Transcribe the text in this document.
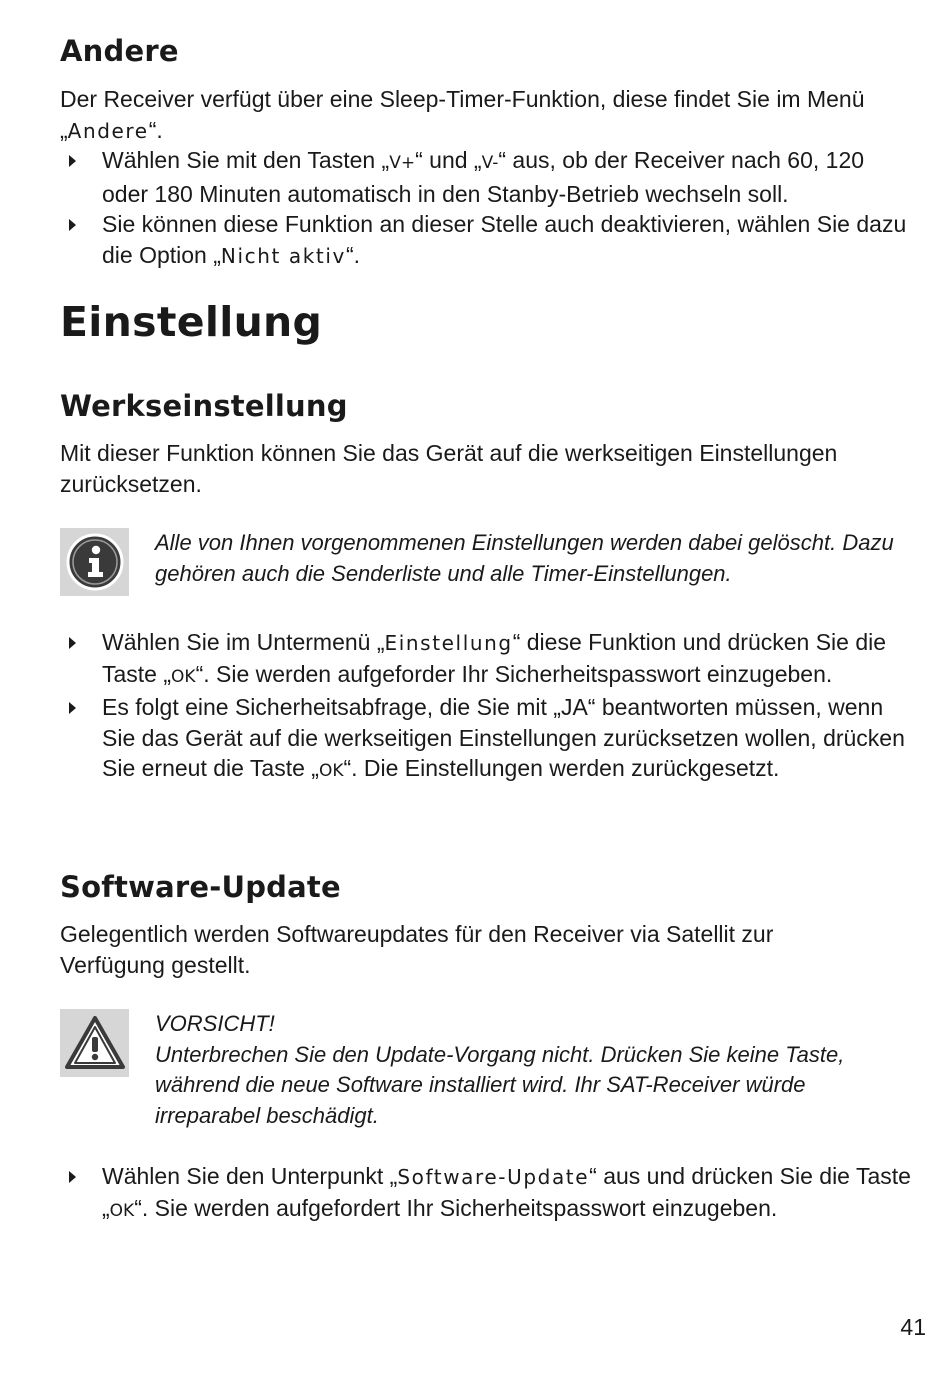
Andere

Der Receiver verfügt über eine Sleep-Timer-Funktion, diese findet Sie im Menü „Andere“.

Wählen Sie mit den Tasten „V+“ und „V-“ aus, ob der Receiver nach 60, 120 oder 180 Minuten automatisch in den Stanby-Betrieb wechseln soll.
Sie können diese Funktion an dieser Stelle auch deaktivieren, wählen Sie dazu die Option „Nicht aktiv“.
Einstellung
Werkseinstellung

Mit dieser Funktion können Sie das Gerät auf die werkseitigen Einstellungen zurücksetzen.

Alle von Ihnen vorgenommenen Einstellungen werden dabei gelöscht. Dazu gehören auch die Senderliste und alle Timer-Einstellungen.
Wählen Sie im Untermenü „Einstellung“ diese Funktion und drücken Sie die Taste „OK“. Sie werden aufgeforder Ihr Sicherheitspasswort einzugeben.
Es folgt eine Sicherheitsabfrage, die Sie mit „JA“ beantworten müssen, wenn Sie das Gerät auf die werkseitigen Einstellungen zurücksetzen wollen, drücken Sie erneut die Taste „OK“. Die Einstellungen werden zurückgesetzt.
Software-Update

Gelegentlich werden Softwareupdates für den Receiver via Satellit zur Verfügung gestellt.

VORSICHT!
Unterbrechen Sie den Update-Vorgang nicht. Drücken Sie keine Taste, während die neue Software installiert wird. Ihr SAT-Receiver würde irreparabel beschädigt.
Wählen Sie den Unterpunkt „Software-Update“ aus und drücken Sie die Taste „OK“. Sie werden aufgefordert Ihr Sicherheitspasswort einzugeben.
41
